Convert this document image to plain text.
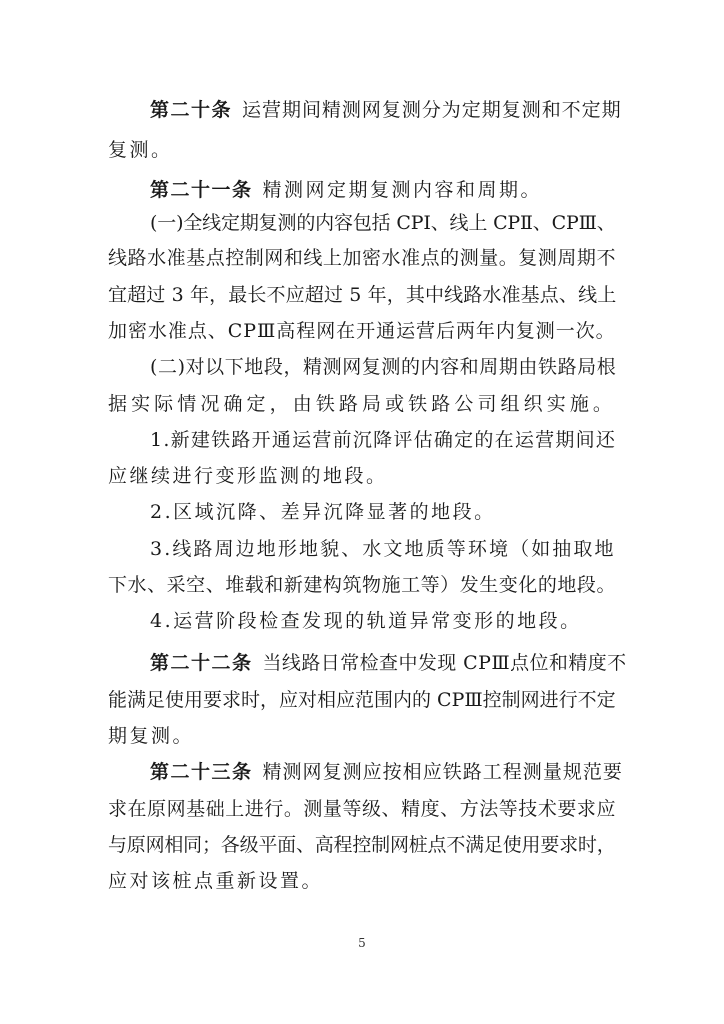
第二十条 运营期间精测网复测分为定期复测和不定期
复测。
第二十一条 精测网定期复测内容和周期。
(一)全线定期复测的内容包括 CPⅠ、线上 CPⅡ、CPⅢ、
线路水准基点控制网和线上加密水准点的测量。复测周期不
宜超过 3 年，最长不应超过 5 年，其中线路水准基点、线上
加密水准点、CPⅢ高程网在开通运营后两年内复测一次。
(二)对以下地段，精测网复测的内容和周期由铁路局根
据实际情况确定，由铁路局或铁路公司组织实施。
1.新建铁路开通运营前沉降评估确定的在运营期间还
应继续进行变形监测的地段。
2.区域沉降、差异沉降显著的地段。
3.线路周边地形地貌、水文地质等环境（如抽取地
下水、采空、堆载和新建构筑物施工等）发生变化的地段。
4.运营阶段检查发现的轨道异常变形的地段。
第二十二条 当线路日常检查中发现 CPⅢ点位和精度不
能满足使用要求时，应对相应范围内的 CPⅢ控制网进行不定
期复测。
第二十三条 精测网复测应按相应铁路工程测量规范要
求在原网基础上进行。测量等级、精度、方法等技术要求应
与原网相同；各级平面、高程控制网桩点不满足使用要求时，
应对该桩点重新设置。
5
